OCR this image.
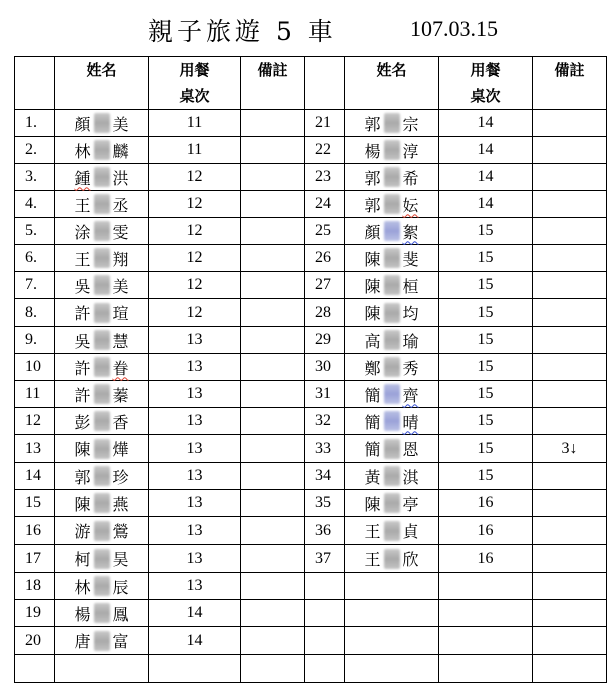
親子旅遊 5 車	107.03.15

	姓名	用餐
桌次	備註		姓名	用餐
桌次	備註

1.	顏 美	11		21	郭 宗	14	
2.	林 麟	11		22	楊 淳	14	
3.	鍾 洪	12		23	郭 希	14	
4.	王 丞	12		24	郭 妘	14	
5.	涂 雯	12		25	顏 絮	15	
6.	王 翔	12		26	陳 斐	15	
7.	吳 美	12		27	陳 桓	15	
8.	許 瑄	12		28	陳 均	15	
9.	吳 慧	13		29	高 瑜	15	
10	許 眷	13		30	鄭 秀	15	
11	許 蓁	13		31	簡 齊	15	
12	彭 香	13		32	簡 晴	15	
13	陳 燁	13		33	簡 恩	15	3↓
14	郭 珍	13		34	黃 淇	15	
15	陳 燕	13		35	陳 亭	16	
16	游 鶯	13		36	王 貞	16	
17	柯 昊	13		37	王 欣	16	
18	林 辰	13					
19	楊 鳳	14					
20	唐 富	14					
